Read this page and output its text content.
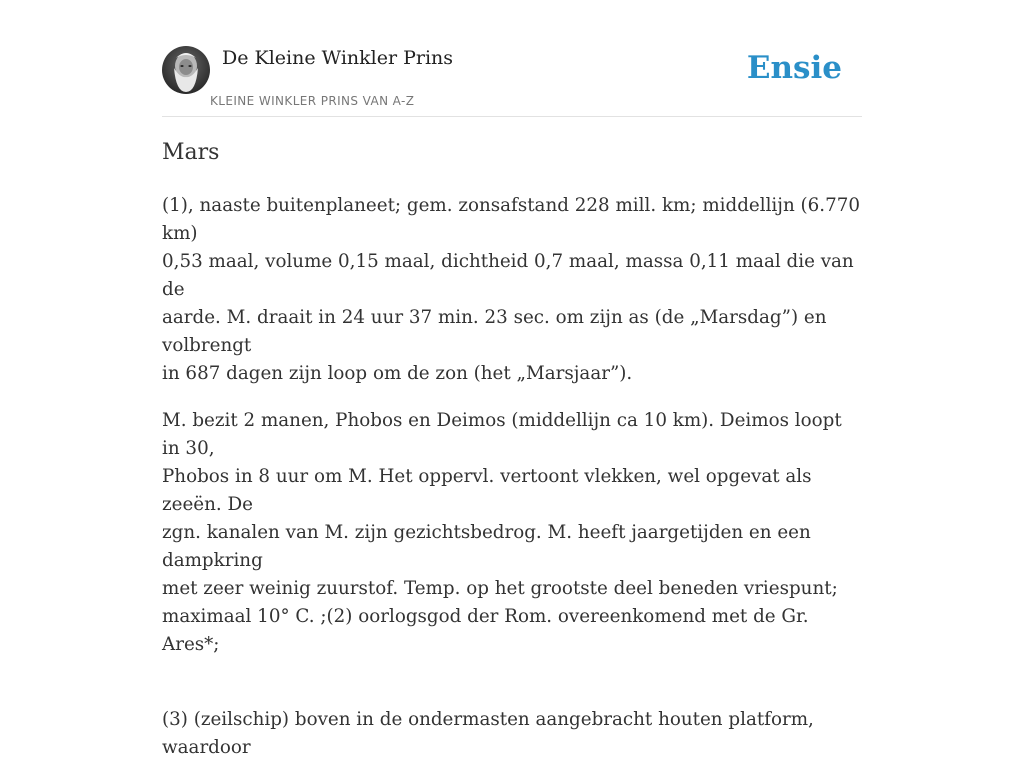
De Kleine Winkler Prins
KLEINE WINKLER PRINS VAN A-Z
Ensie
Mars

(1), naaste buitenplaneet; gem. zonsafstand 228 mill. km; middellijn (6.770 km)
0,53 maal, volume 0,15 maal, dichtheid 0,7 maal, massa 0,11 maal die van de
aarde. M. draait in 24 uur 37 min. 23 sec. om zijn as (de „Marsdag”) en volbrengt
in 687 dagen zijn loop om de zon (het „Marsjaar”).

M. bezit 2 manen, Phobos en Deimos (middellijn ca 10 km). Deimos loopt in 30,
Phobos in 8 uur om M. Het oppervl. vertoont vlekken, wel opgevat als zeeën. De
zgn. kanalen van M. zijn gezichtsbedrog. M. heeft jaargetijden en een dampkring
met zeer weinig zuurstof. Temp. op het grootste deel beneden vriespunt;
maximaal 10° C. ;(2) oorlogsgod der Rom. overeenkomend met de Gr. Ares*;

(3) (zeilschip) boven in de ondermasten aangebracht houten platform, waardoor
